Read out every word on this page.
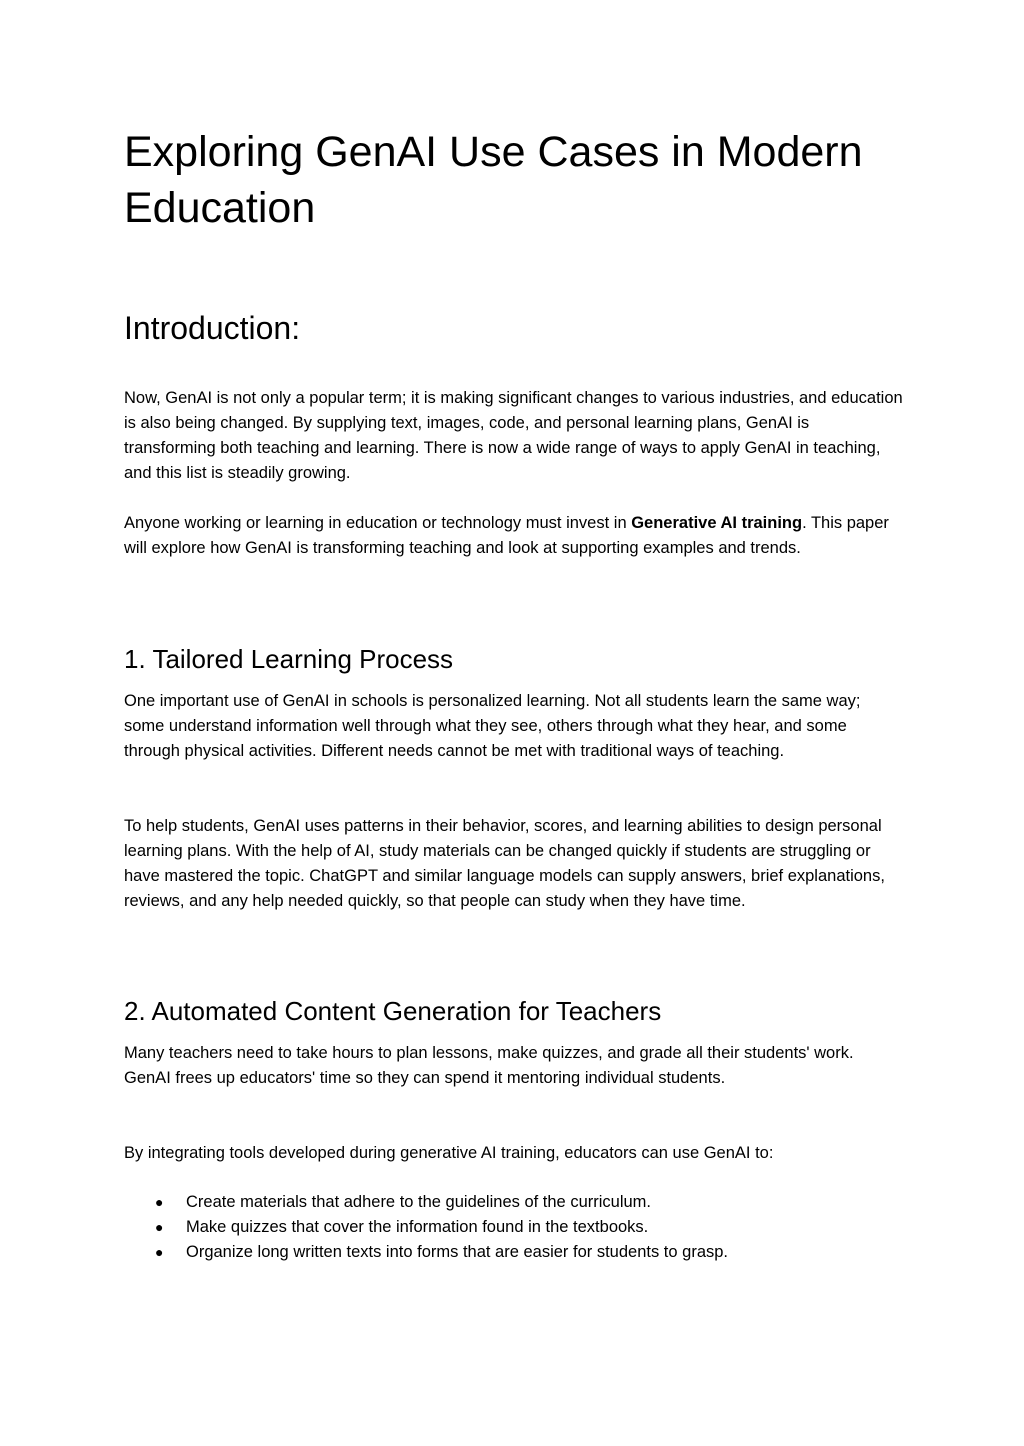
Exploring GenAI Use Cases in Modern Education
Introduction:

Now, GenAI is not only a popular term; it is making significant changes to various industries, and education is also being changed. By supplying text, images, code, and personal learning plans, GenAI is transforming both teaching and learning. There is now a wide range of ways to apply GenAI in teaching, and this list is steadily growing.

Anyone working or learning in education or technology must invest in Generative AI training. This paper will explore how GenAI is transforming teaching and look at supporting examples and trends.

1. Tailored Learning Process

One important use of GenAI in schools is personalized learning. Not all students learn the same way; some understand information well through what they see, others through what they hear, and some through physical activities. Different needs cannot be met with traditional ways of teaching.

To help students, GenAI uses patterns in their behavior, scores, and learning abilities to design personal learning plans. With the help of AI, study materials can be changed quickly if students are struggling or have mastered the topic. ChatGPT and similar language models can supply answers, brief explanations, reviews, and any help needed quickly, so that people can study when they have time.

2. Automated Content Generation for Teachers

Many teachers need to take hours to plan lessons, make quizzes, and grade all their students' work. GenAI frees up educators' time so they can spend it mentoring individual students.

By integrating tools developed during generative AI training, educators can use GenAI to:

● Create materials that adhere to the guidelines of the curriculum.
● Make quizzes that cover the information found in the textbooks.
● Organize long written texts into forms that are easier for students to grasp.
